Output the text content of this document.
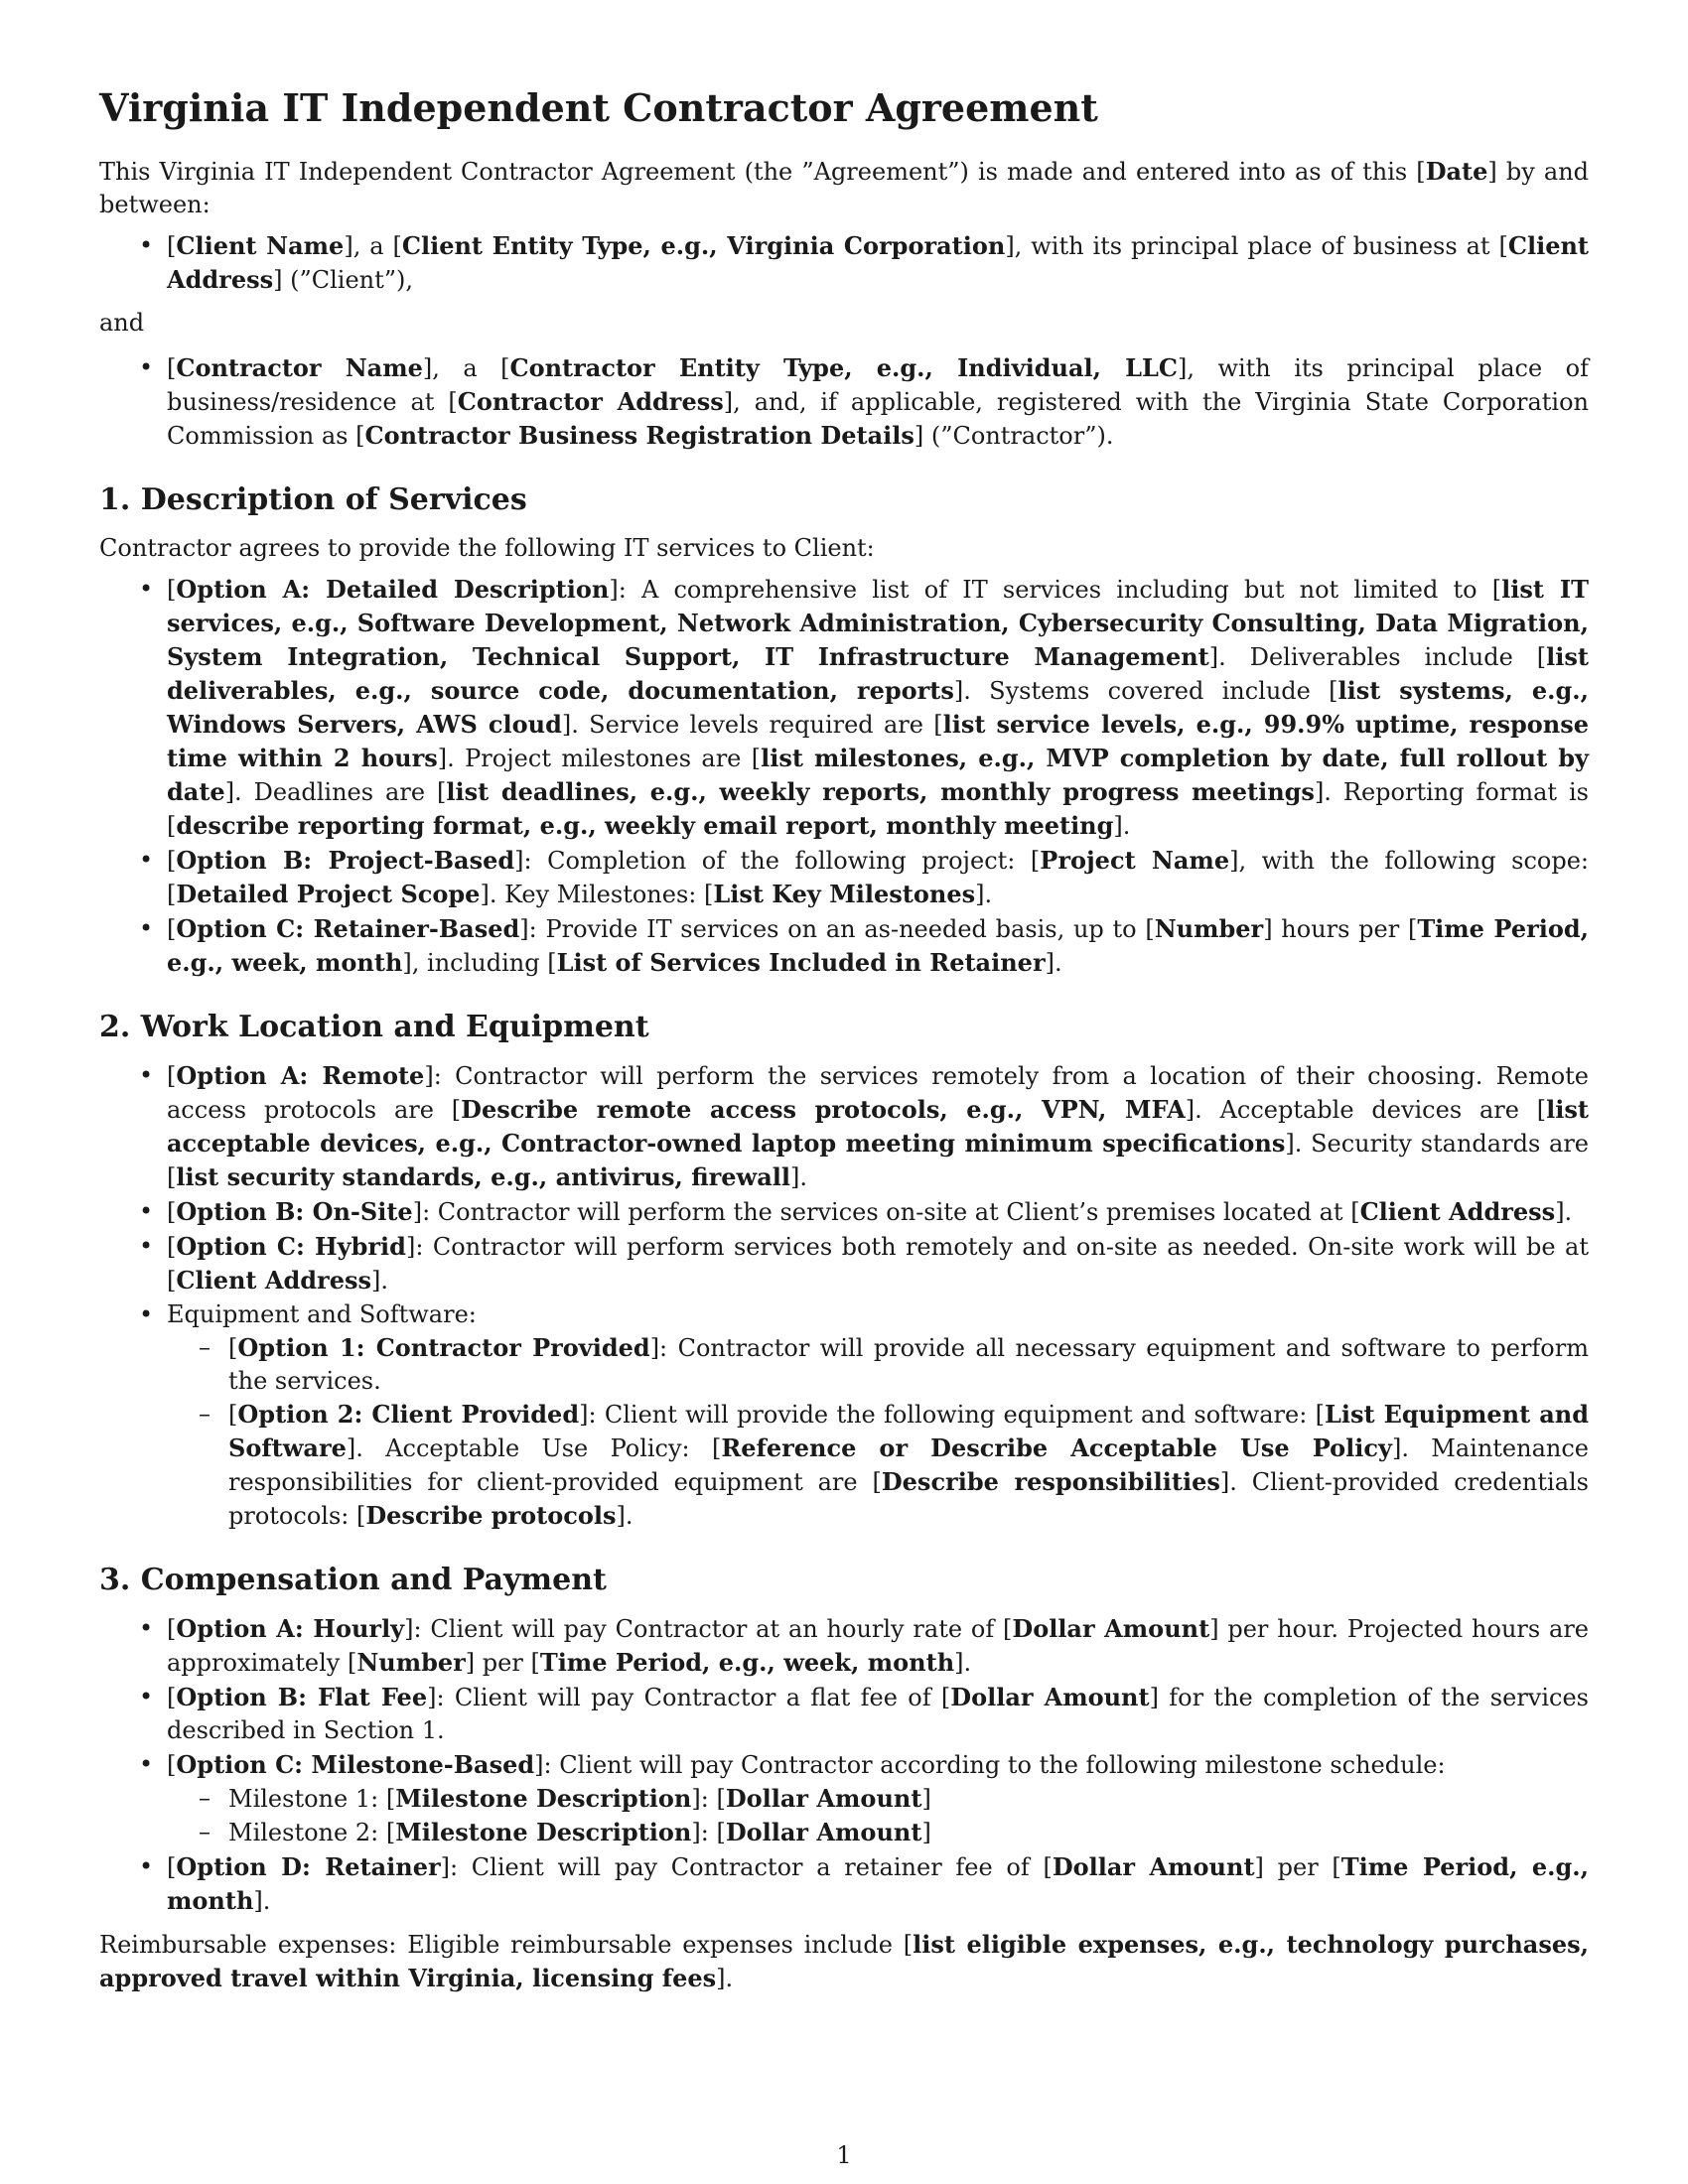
Virginia IT Independent Contractor Agreement

This Virginia IT Independent Contractor Agreement (the ”Agreement”) is made and entered into as of this [Date] by and between:

• [Client Name], a [Client Entity Type, e.g., Virginia Corporation], with its principal place of business at [Client Address] (”Client”),

and

• [Contractor Name], a [Contractor Entity Type, e.g., Individual, LLC], with its principal place of business/residence at [Contractor Address], and, if applicable, registered with the Virginia State Corporation Commission as [Contractor Business Registration Details] (”Contractor”).
1. Description of Services

Contractor agrees to provide the following IT services to Client:

• [Option A: Detailed Description]: A comprehensive list of IT services including but not limited to [list IT services, e.g., Software Development, Network Administration, Cybersecurity Consulting, Data Migration, System Integration, Technical Support, IT Infrastructure Management]. Deliverables include [list deliverables, e.g., source code, documentation, reports]. Systems covered include [list systems, e.g., Windows Servers, AWS cloud]. Service levels required are [list service levels, e.g., 99.9% uptime, response time within 2 hours]. Project milestones are [list milestones, e.g., MVP completion by date, full rollout by date]. Deadlines are [list deadlines, e.g., weekly reports, monthly progress meetings]. Reporting format is [describe reporting format, e.g., weekly email report, monthly meeting].
• [Option B: Project-Based]: Completion of the following project: [Project Name], with the following scope: [Detailed Project Scope]. Key Milestones: [List Key Milestones].
• [Option C: Retainer-Based]: Provide IT services on an as-needed basis, up to [Number] hours per [Time Period, e.g., week, month], including [List of Services Included in Retainer].
2. Work Location and Equipment
• [Option A: Remote]: Contractor will perform the services remotely from a location of their choosing. Remote access protocols are [Describe remote access protocols, e.g., VPN, MFA]. Acceptable devices are [list acceptable devices, e.g., Contractor-owned laptop meeting minimum specifications]. Security standards are [list security standards, e.g., antivirus, firewall].
• [Option B: On-Site]: Contractor will perform the services on-site at Client’s premises located at [Client Address].
• [Option C: Hybrid]: Contractor will perform services both remotely and on-site as needed. On-site work will be at [Client Address].
• Equipment and Software:
– [Option 1: Contractor Provided]: Contractor will provide all necessary equipment and software to perform the services.
– [Option 2: Client Provided]: Client will provide the following equipment and software: [List Equipment and Software]. Acceptable Use Policy: [Reference or Describe Acceptable Use Policy]. Maintenance responsibilities for client-provided equipment are [Describe responsibilities]. Client-provided credentials protocols: [Describe protocols].
3. Compensation and Payment
• [Option A: Hourly]: Client will pay Contractor at an hourly rate of [Dollar Amount] per hour. Projected hours are approximately [Number] per [Time Period, e.g., week, month].
• [Option B: Flat Fee]: Client will pay Contractor a flat fee of [Dollar Amount] for the completion of the services described in Section 1.
• [Option C: Milestone-Based]: Client will pay Contractor according to the following milestone schedule:
– Milestone 1: [Milestone Description]: [Dollar Amount]
– Milestone 2: [Milestone Description]: [Dollar Amount]
• [Option D: Retainer]: Client will pay Contractor a retainer fee of [Dollar Amount] per [Time Period, e.g., month].

Reimbursable expenses: Eligible reimbursable expenses include [list eligible expenses, e.g., technology purchases, approved travel within Virginia, licensing fees].

1
